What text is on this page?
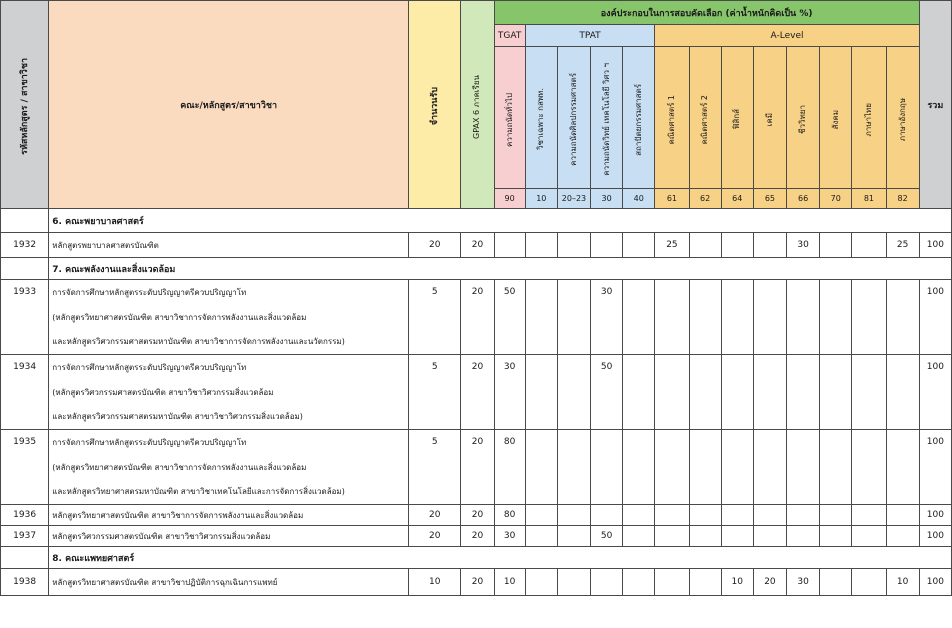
รหัสหลักสูตร / สาขาวิชา	คณะ/หลักสูตร/สาขาวิชา	จำนวนรับ	GPAX 6 ภาคเรียน	องค์ประกอบในการสอบคัดเลือก (ค่าน้ำหนักคิดเป็น %)													รวม
				TGAT	TPAT				A-Level								

				ความถนัดทั่วไป	วิชาเฉพาะ กสพท.	ความถนัดศิลปกรรมศาสตร์	ความถนัดวิทย์ เทคโนโลยี วิศว ฯ	สถาปัตยกรรมศาสตร์	คณิตศาสตร์ 1	คณิตศาสตร์ 2	ฟิสิกส์	เคมี	ชีววิทยา	สังคม	ภาษาไทย	ภาษาอังกฤษ	

				90	10	20–23	30	40	61	62	64	65	66	70	81	82	
	6. คณะพยาบาลศาสตร์																
1932	หลักสูตรพยาบาลศาสตรบัณฑิต	20	20						25				30			25	100
	7. คณะพลังงานและสิ่งแวดล้อม																
1933	การจัดการศึกษาหลักสูตรระดับปริญญาตรีควบปริญญาโท	5	20	50			30										100
	(หลักสูตรวิทยาศาสตรบัณฑิต สาขาวิชาการจัดการพลังงานและสิ่งแวดล้อม																
	และหลักสูตรวิศวกรรมศาสตรมหาบัณฑิต สาขาวิชาการจัดการพลังงานและนวัตกรรม)																
1934	การจัดการศึกษาหลักสูตรระดับปริญญาตรีควบปริญญาโท	5	20	30			50										100
	(หลักสูตรวิศวกรรมศาสตรบัณฑิต สาขาวิชาวิศวกรรมสิ่งแวดล้อม																
	และหลักสูตรวิศวกรรมศาสตรมหาบัณฑิต สาขาวิชาวิศวกรรมสิ่งแวดล้อม)																
1935	การจัดการศึกษาหลักสูตรระดับปริญญาตรีควบปริญญาโท	5	20	80													100
	(หลักสูตรวิทยาศาสตรบัณฑิต สาขาวิชาการจัดการพลังงานและสิ่งแวดล้อม																
	และหลักสูตรวิทยาศาสตรมหาบัณฑิต สาขาวิชาเทคโนโลยีและการจัดการสิ่งแวดล้อม)																
1936	หลักสูตรวิทยาศาสตรบัณฑิต สาขาวิชาการจัดการพลังงานและสิ่งแวดล้อม	20	20	80													100
1937	หลักสูตรวิศวกรรมศาสตรบัณฑิต สาขาวิชาวิศวกรรมสิ่งแวดล้อม	20	20	30			50										100
	8. คณะแพทยศาสตร์																
1938	หลักสูตรวิทยาศาสตรบัณฑิต สาขาวิชาปฏิบัติการฉุกเฉินการแพทย์	10	20	10							10	20	30			10	100
